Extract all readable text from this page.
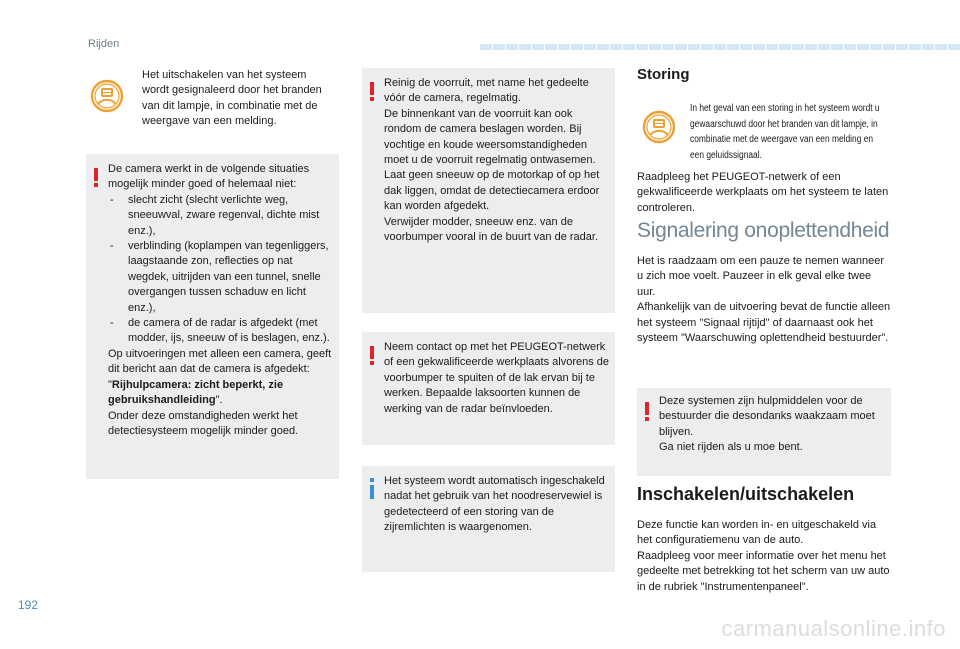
Rijden
Het uitschakelen van het systeem wordt gesignaleerd door het branden van dit lampje, in combinatie met de weergave van een melding.
De camera werkt in de volgende situaties mogelijk minder goed of helemaal niet:
- slecht zicht (slecht verlichte weg, sneeuwval, zware regenval, dichte mist enz.),
- verblinding (koplampen van tegenliggers, laagstaande zon, reflecties op nat wegdek, uitrijden van een tunnel, snelle overgangen tussen schaduw en licht enz.),
- de camera of de radar is afgedekt (met modder, ijs, sneeuw of is beslagen, enz.).
Op uitvoeringen met alleen een camera, geeft dit bericht aan dat de camera is afgedekt: "Rijhulpcamera: zicht beperkt, zie gebruikshandleiding".
Onder deze omstandigheden werkt het detectiesysteem mogelijk minder goed.
Reinig de voorruit, met name het gedeelte vóór de camera, regelmatig.
De binnenkant van de voorruit kan ook rondom de camera beslagen worden. Bij vochtige en koude weersomstandigheden moet u de voorruit regelmatig ontwasemen.
Laat geen sneeuw op de motorkap of op het dak liggen, omdat de detectiecamera erdoor kan worden afgedekt.
Verwijder modder, sneeuw enz. van de voorbumper vooral in de buurt van de radar.
Neem contact op met het PEUGEOT-netwerk of een gekwalificeerde werkplaats alvorens de voorbumper te spuiten of de lak ervan bij te werken. Bepaalde laksoorten kunnen de werking van de radar beïnvloeden.
Het systeem wordt automatisch ingeschakeld nadat het gebruik van het noodreservewiel is gedetecteerd of een storing van de zijremlichten is waargenomen.
Storing
In het geval van een storing in het systeem wordt u gewaarschuwd door het branden van dit lampje, in combinatie met de weergave van een melding en een geluidssignaal.
Raadpleeg het PEUGEOT-netwerk of een gekwalificeerde werkplaats om het systeem te laten controleren.
Signalering onoplettendheid
Het is raadzaam om een pauze te nemen wanneer u zich moe voelt. Pauzeer in elk geval elke twee uur.
Afhankelijk van de uitvoering bevat de functie alleen het systeem "Signaal rijtijd" of daarnaast ook het systeem "Waarschuwing oplettendheid bestuurder".
Deze systemen zijn hulpmiddelen voor de bestuurder die desondanks waakzaam moet blijven.
Ga niet rijden als u moe bent.
Inschakelen/uitschakelen
Deze functie kan worden in- en uitgeschakeld via het configuratiemenu van de auto.
Raadpleeg voor meer informatie over het menu het gedeelte met betrekking tot het scherm van uw auto in de rubriek "Instrumentenpaneel".
192
carmanualsonline.info
